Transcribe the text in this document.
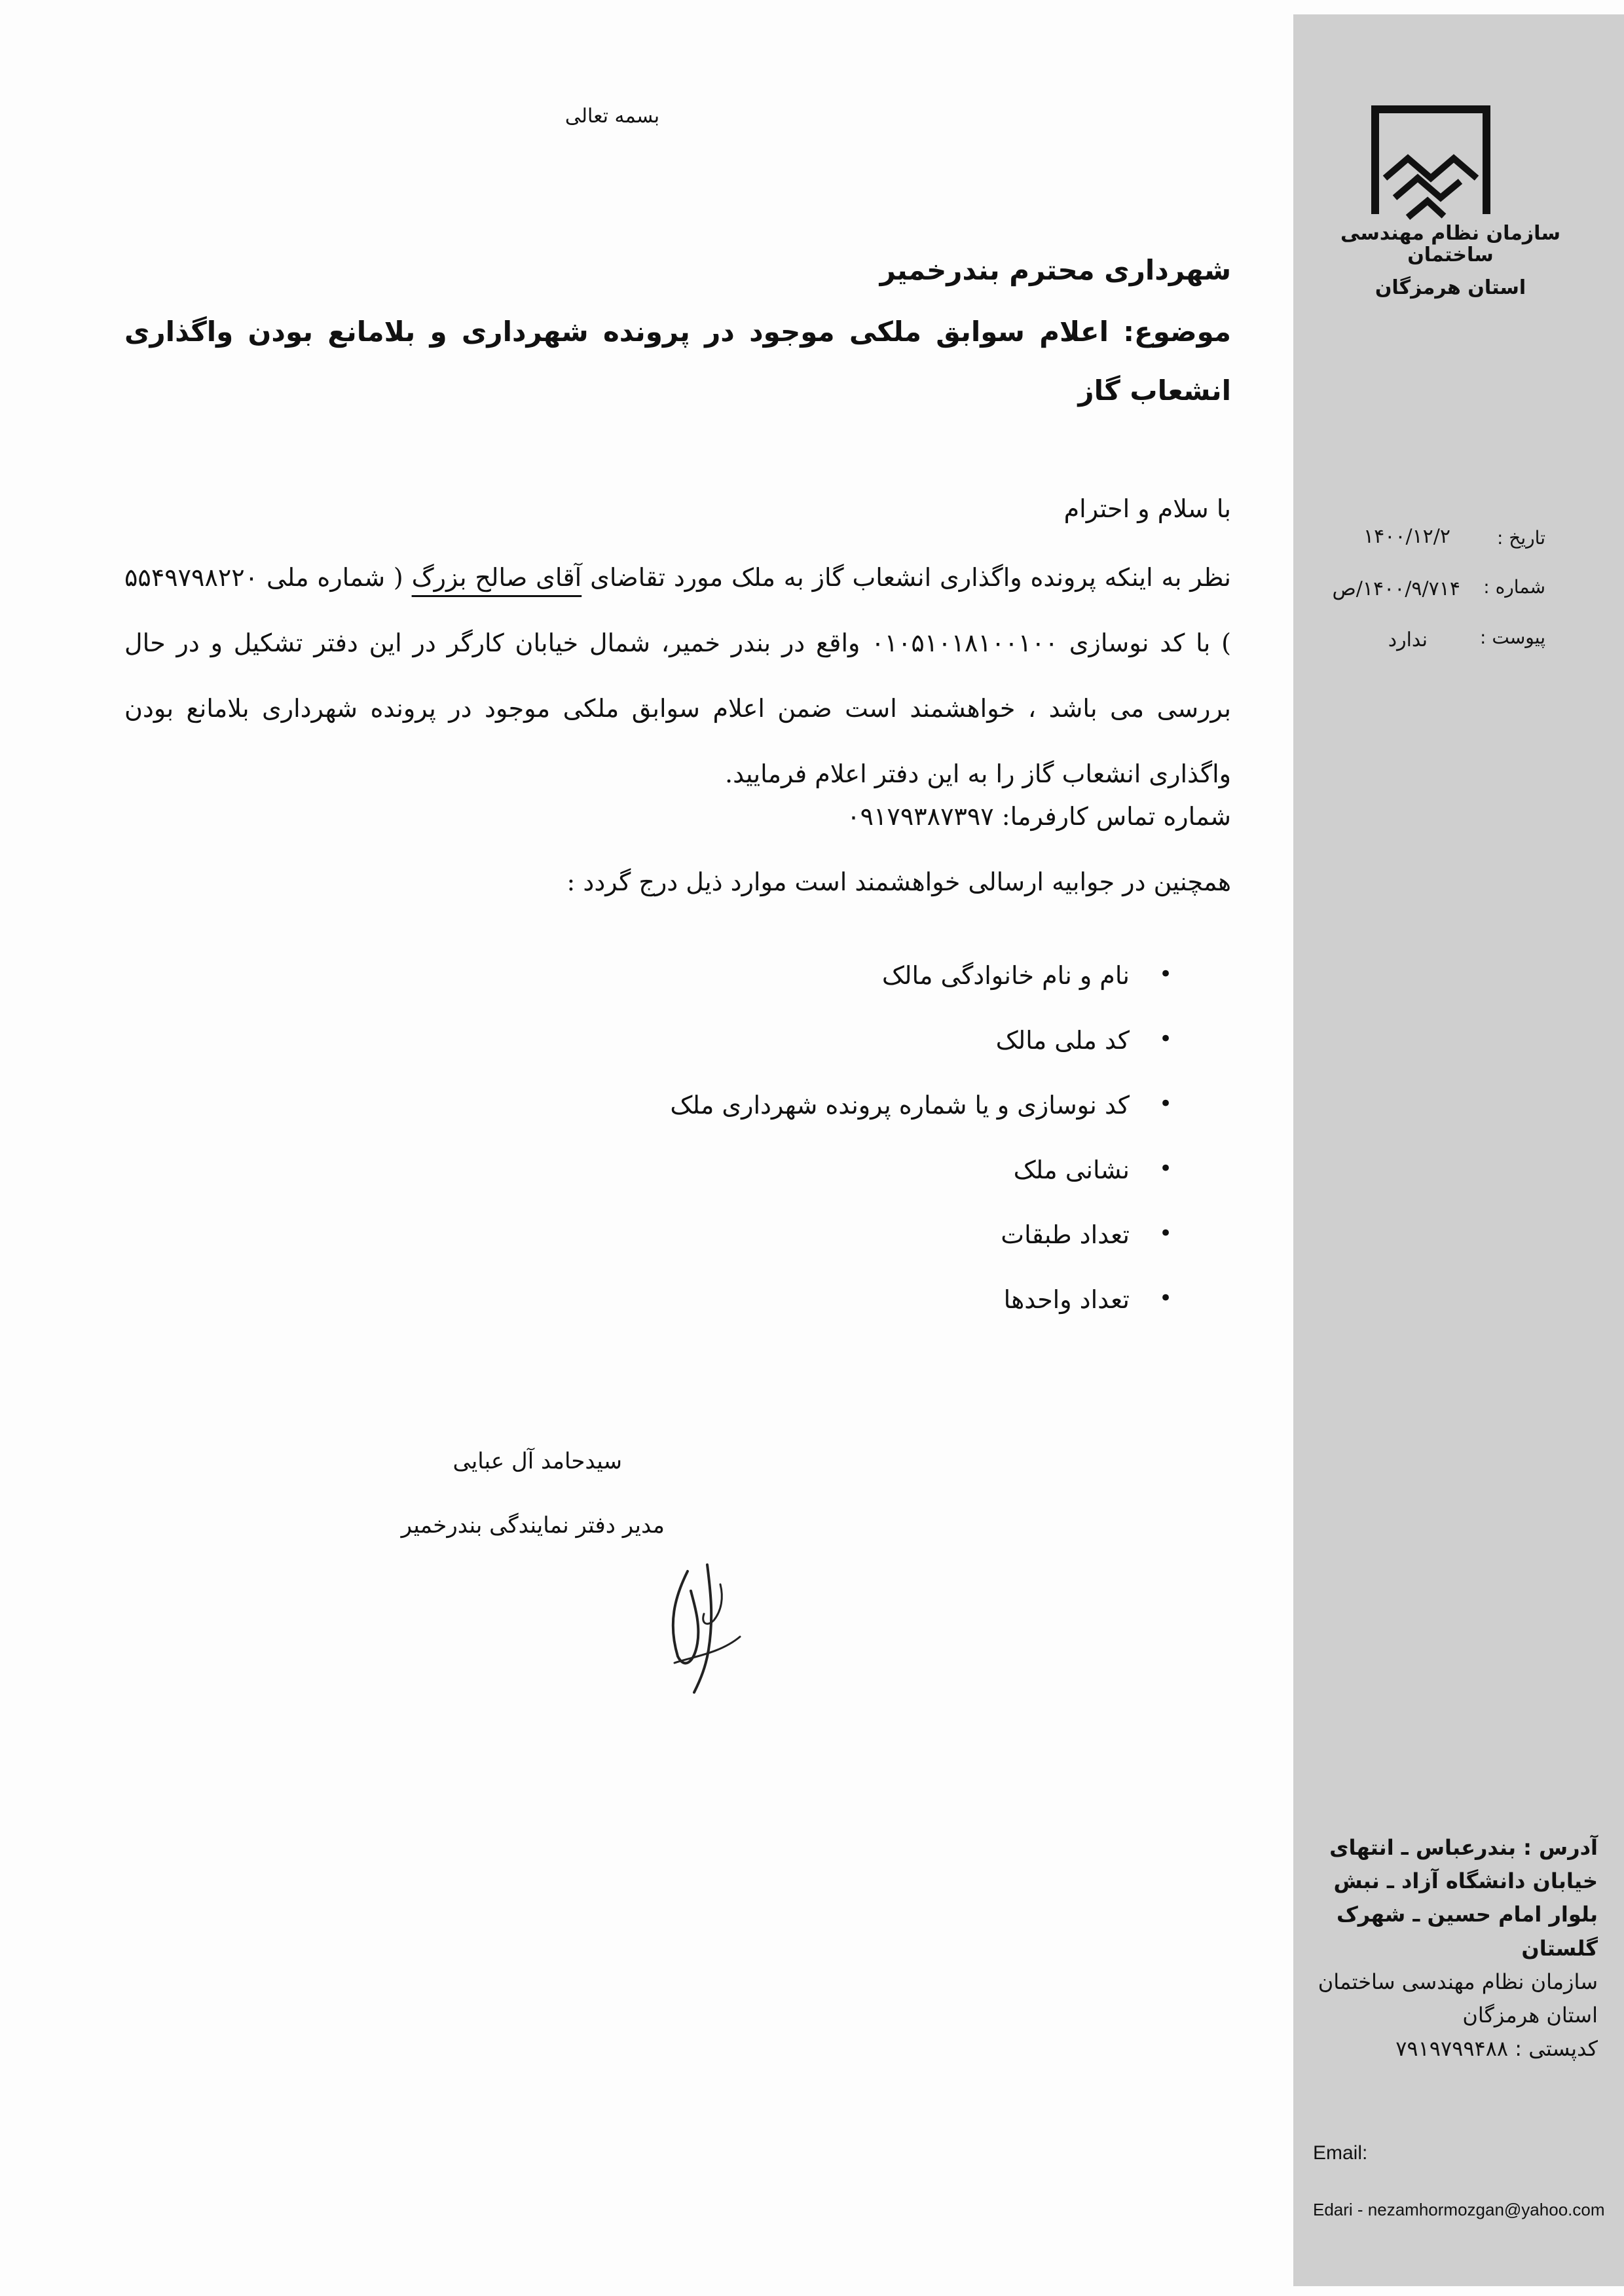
سازمان نظام مهندسی ساختمان
استان هرمزگان
تاریخ :
۱۴۰۰/۱۲/۲
شماره :
۱۴۰۰/۹/۷۱۴/ص
پیوست :
ندارد
آدرس : بندرعباس ـ انتهای
خیابان دانشگاه آزاد ـ نبش
بلوار امام حسین ـ شهرک
گلستان
سازمان نظام مهندسی ساختمان
استان هرمزگان
کدپستی : ۷۹۱۹۷۹۹۴۸۸
Email:
Edari - nezamhormozgan@yahoo.com
بسمه تعالی
شهرداری محترم بندرخمیر
موضوع: اعلام سوابق ملکی موجود در پرونده شهرداری و بلامانع بودن واگذاری انشعاب گاز
با سلام و احترام
نظر به اینکه پرونده واگذاری انشعاب گاز به ملک مورد تقاضای آقای صالح بزرگ ( شماره ملی ۵۵۴۹۷۹۸۲۲۰ ) با کد نوسازی ۰۱۰۵۱۰۱۸۱۰۰۱۰۰ واقع در بندر خمیر، شمال خیابان کارگر در این دفتر تشکیل و در حال بررسی می باشد ، خواهشمند است ضمن اعلام سوابق ملکی موجود در پرونده شهرداری بلامانع بودن واگذاری انشعاب گاز را به این دفتر اعلام فرمایید.
شماره تماس کارفرما: ۰۹۱۷۹۳۸۷۳۹۷
همچنین در جوابیه ارسالی خواهشمند است موارد ذیل درج گردد :
•
نام و نام خانوادگی مالک
•
کد ملی مالک
•
کد نوسازی و یا شماره پرونده شهرداری ملک
•
نشانی ملک
•
تعداد طبقات
•
تعداد واحدها
سیدحامد آل عبایی
مدیر دفتر نمایندگی بندرخمیر
